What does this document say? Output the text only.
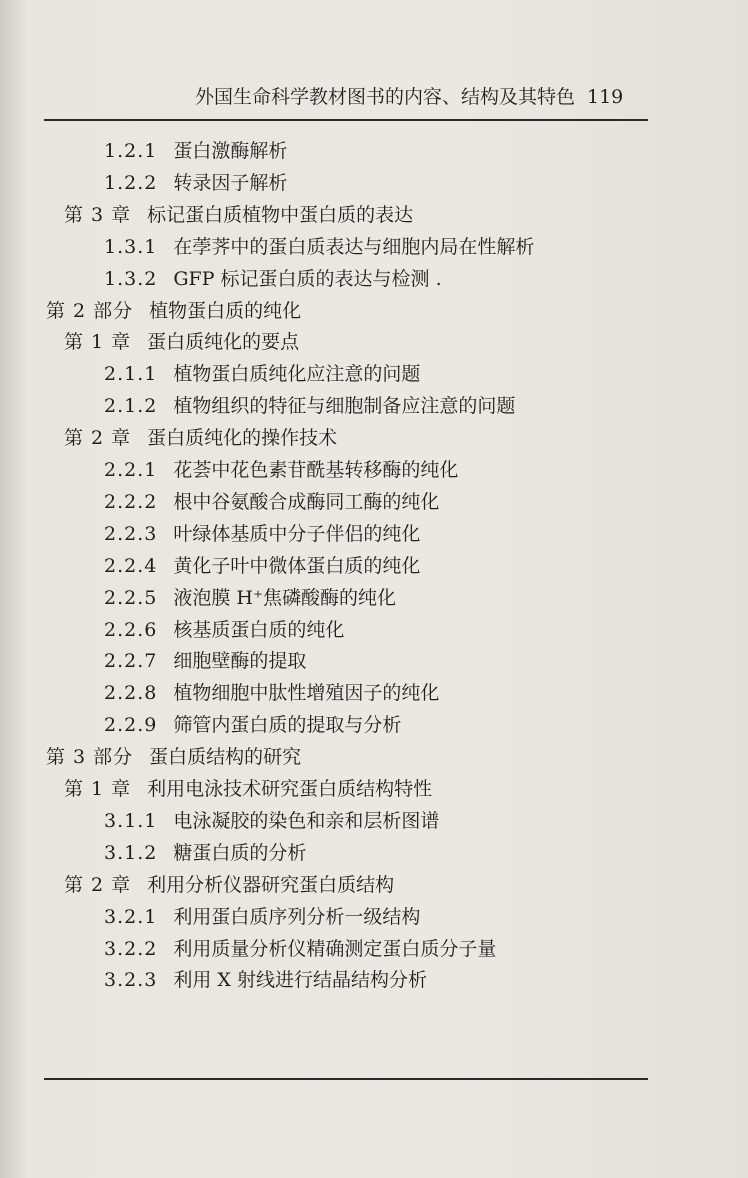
外国生命科学教材图书的内容、结构及其特色 119
1.2.1 蛋白激酶解析
1.2.2 转录因子解析
第 3 章 标记蛋白质植物中蛋白质的表达
1.3.1 在荸荠中的蛋白质表达与细胞内局在性解析
1.3.2 GFP 标记蛋白质的表达与检测 .
第 2 部分 植物蛋白质的纯化
第 1 章 蛋白质纯化的要点
2.1.1 植物蛋白质纯化应注意的问题
2.1.2 植物组织的特征与细胞制备应注意的问题
第 2 章 蛋白质纯化的操作技术
2.2.1 花荟中花色素苷酰基转移酶的纯化
2.2.2 根中谷氨酸合成酶同工酶的纯化
2.2.3 叶绿体基质中分子伴侣的纯化
2.2.4 黄化子叶中微体蛋白质的纯化
2.2.5 液泡膜 H⁺焦磷酸酶的纯化
2.2.6 核基质蛋白质的纯化
2.2.7 细胞壁酶的提取
2.2.8 植物细胞中肽性增殖因子的纯化
2.2.9 筛管内蛋白质的提取与分析
第 3 部分 蛋白质结构的研究
第 1 章 利用电泳技术研究蛋白质结构特性
3.1.1 电泳凝胶的染色和亲和层析图谱
3.1.2 糖蛋白质的分析
第 2 章 利用分析仪器研究蛋白质结构
3.2.1 利用蛋白质序列分析一级结构
3.2.2 利用质量分析仪精确测定蛋白质分子量
3.2.3 利用 X 射线进行结晶结构分析
